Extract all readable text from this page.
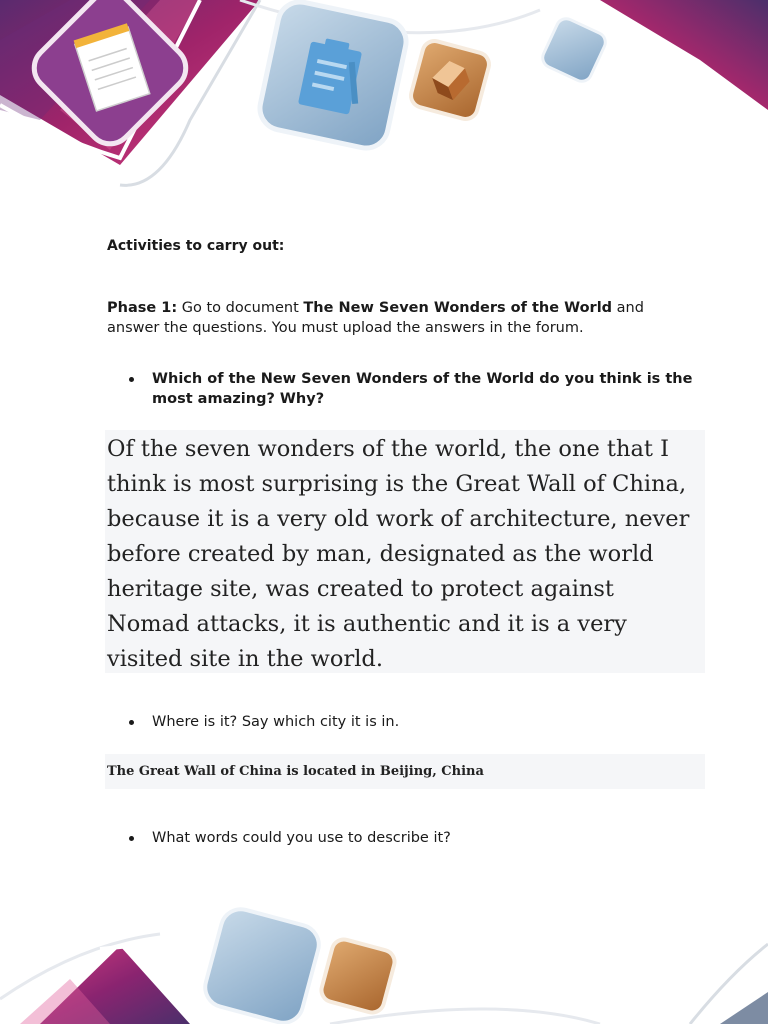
Activities to carry out:
Phase 1: Go to document The New Seven Wonders of the World and answer the questions. You must upload the answers in the forum.
Which of the New Seven Wonders of the World do you think is the most amazing? Why?
Of the seven wonders of the world, the one that I think is most surprising is the Great Wall of China, because it is a very old work of architecture, never before created by man, designated as the world heritage site, was created to protect against Nomad attacks, it is authentic and it is a very visited site in the world.
Where is it? Say which city it is in.
The Great Wall of China is located in Beijing, China
What words could you use to describe it?
